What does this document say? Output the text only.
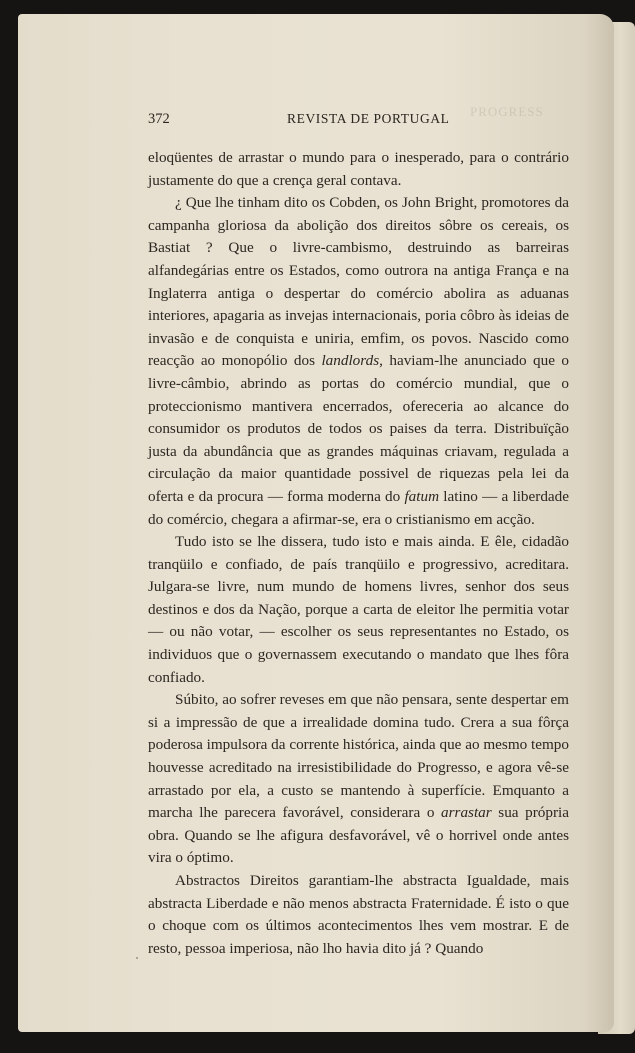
PROGRESS
372	REVISTA DE PORTUGAL

eloqüentes de arrastar o mundo para o inesperado, para o contrário justamente do que a crença geral contava.

¿ Que lhe tinham dito os Cobden, os John Bright, promotores da campanha gloriosa da abolição dos direitos sôbre os cereais, os Bastiat ? Que o livre-cambismo, destruindo as barreiras alfandegárias entre os Estados, como outrora na antiga França e na Inglaterra antiga o despertar do comércio abolira as aduanas interiores, apagaria as invejas internacionais, poria côbro às ideias de invasão e de conquista e uniria, emfim, os povos. Nascido como reacção ao monopólio dos landlords, haviam-lhe anunciado que o livre-câmbio, abrindo as portas do comércio mundial, que o proteccionismo mantivera encerrados, ofereceria ao alcance do consumidor os produtos de todos os paises da terra. Distribuïção justa da abundância que as grandes máquinas criavam, regulada a circulação da maior quantidade possivel de riquezas pela lei da oferta e da procura — forma moderna do fatum latino — a liberdade do comércio, chegara a afirmar-se, era o cristianismo em acção.

Tudo isto se lhe dissera, tudo isto e mais ainda. E êle, cidadão tranqüilo e confiado, de país tranqüilo e progressivo, acreditara. Julgara-se livre, num mundo de homens livres, senhor dos seus destinos e dos da Nação, porque a carta de eleitor lhe permitia votar — ou não votar, — escolher os seus representantes no Estado, os individuos que o governassem executando o mandato que lhes fôra confiado.

Súbito, ao sofrer reveses em que não pensara, sente despertar em si a impressão de que a irrealidade domina tudo. Crera a sua fôrça poderosa impulsora da corrente histórica, ainda que ao mesmo tempo houvesse acreditado na irresistibilidade do Progresso, e agora vê-se arrastado por ela, a custo se mantendo à superfície. Emquanto a marcha lhe parecera favorável, considerara o arrastar sua própria obra. Quando se lhe afigura desfavorável, vê o horrivel onde antes vira o óptimo.

Abstractos Direitos garantiam-lhe abstracta Igualdade, mais abstracta Liberdade e não menos abstracta Fraternidade. É isto o que o choque com os últimos acontecimentos lhes vem mostrar. E de resto, pessoa imperiosa, não lho havia dito já ? Quando
